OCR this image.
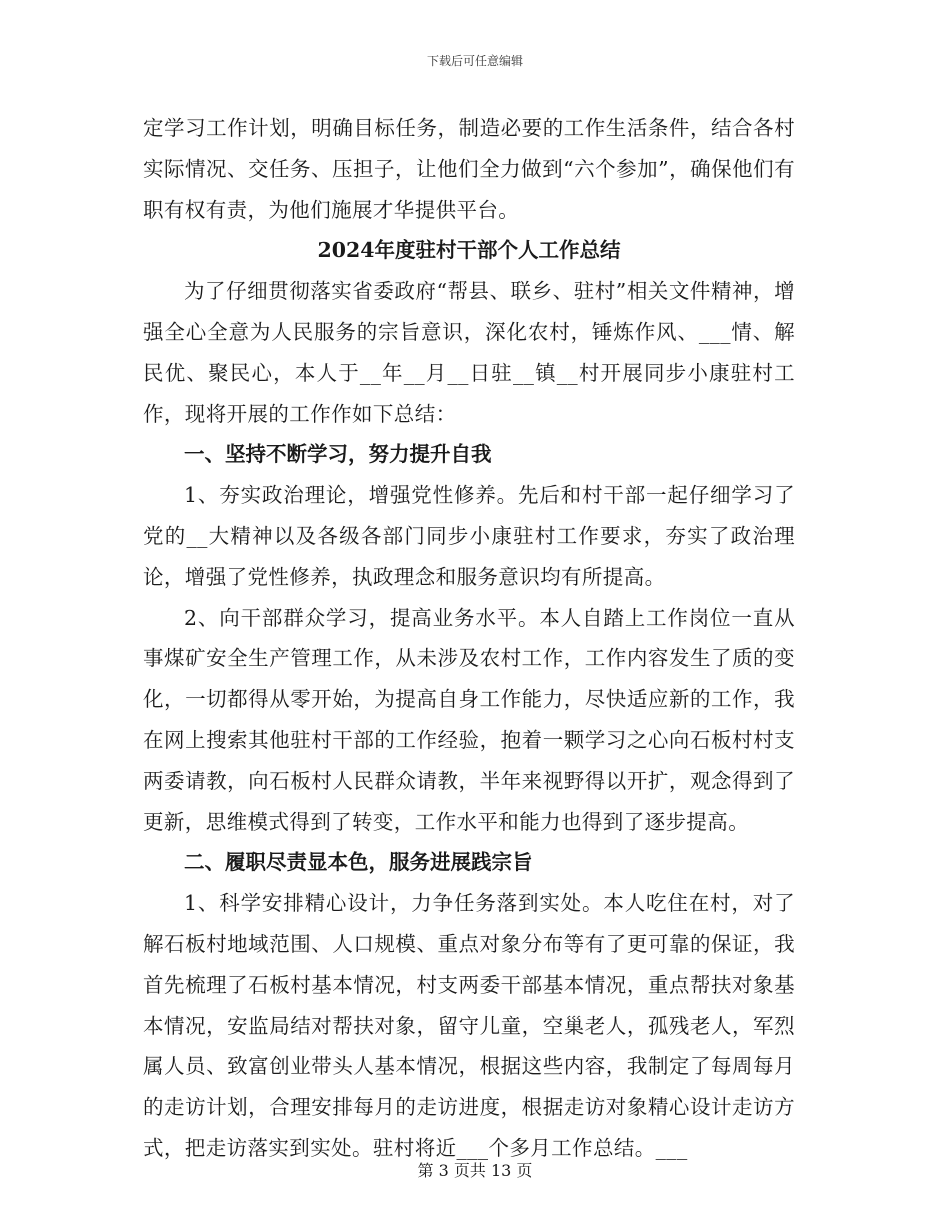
下载后可任意编辑

定学习工作计划，明确目标任务，制造必要的工作生活条件，结合各村实际情况、交任务、压担子，让他们全力做到“六个参加”，确保他们有职有权有责，为他们施展才华提供平台。

2024年度驻村干部个人工作总结

为了仔细贯彻落实省委政府“帮县、联乡、驻村”相关文件精神，增强全心全意为人民服务的宗旨意识，深化农村，锤炼作风、___情、解民优、聚民心，本人于__年__月__日驻__镇__村开展同步小康驻村工作，现将开展的工作作如下总结：

一、坚持不断学习，努力提升自我

1、夯实政治理论，增强党性修养。先后和村干部一起仔细学习了党的__大精神以及各级各部门同步小康驻村工作要求，夯实了政治理论，增强了党性修养，执政理念和服务意识均有所提高。

2、向干部群众学习，提高业务水平。本人自踏上工作岗位一直从事煤矿安全生产管理工作，从未涉及农村工作，工作内容发生了质的变化，一切都得从零开始，为提高自身工作能力，尽快适应新的工作，我在网上搜索其他驻村干部的工作经验，抱着一颗学习之心向石板村村支两委请教，向石板村人民群众请教，半年来视野得以开扩，观念得到了更新，思维模式得到了转变，工作水平和能力也得到了逐步提高。

二、履职尽责显本色，服务进展践宗旨

1、科学安排精心设计，力争任务落到实处。本人吃住在村，对了解石板村地域范围、人口规模、重点对象分布等有了更可靠的保证，我首先梳理了石板村基本情况，村支两委干部基本情况，重点帮扶对象基本情况，安监局结对帮扶对象，留守儿童，空巢老人，孤残老人，军烈属人员、致富创业带头人基本情况，根据这些内容，我制定了每周每月的走访计划，合理安排每月的走访进度，根据走访对象精心设计走访方式，把走访落实到实处。驻村将近___个多月工作总结。___

第 3 页共 13 页
